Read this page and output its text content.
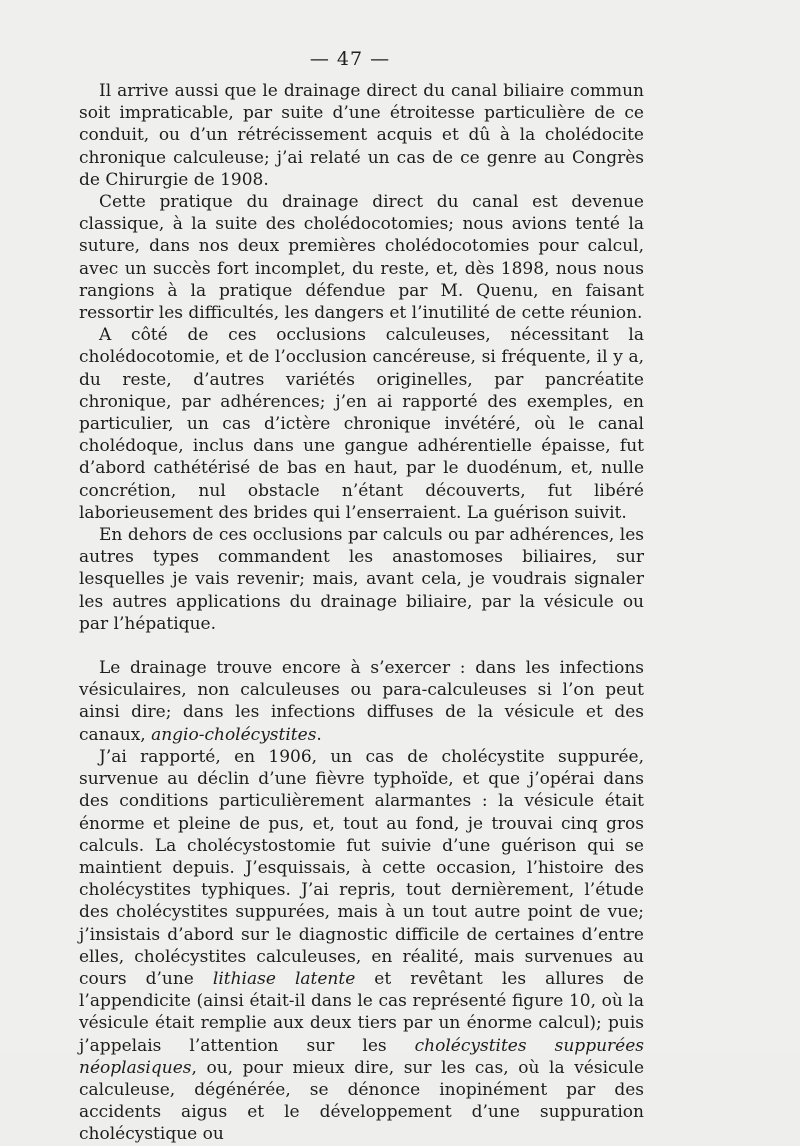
— 47 —

Il arrive aussi que le drainage direct du canal biliaire commun soit impraticable, par suite d’une étroitesse particulière de ce conduit, ou d’un rétrécissement acquis et dû à la cholédocite chronique calculeuse; j’ai relaté un cas de ce genre au Congrès de Chirurgie de 1908.

Cette pratique du drainage direct du canal est devenue classique, à la suite des cholédocotomies; nous avions tenté la suture, dans nos deux premières cholédocotomies pour calcul, avec un succès fort incomplet, du reste, et, dès 1898, nous nous rangions à la pratique défendue par M. Quenu, en faisant ressortir les difficultés, les dangers et l’inutilité de cette réunion.

A côté de ces occlusions calculeuses, nécessitant la cholédocotomie, et de l’occlusion cancéreuse, si fréquente, il y a, du reste, d’autres variétés originelles, par pancréatite chronique, par adhérences; j’en ai rapporté des exemples, en particulier, un cas d’ictère chronique invétéré, où le canal cholédoque, inclus dans une gangue adhérentielle épaisse, fut d’abord cathétérisé de bas en haut, par le duodénum, et, nulle concrétion, nul obstacle n’étant découverts, fut libéré laborieusement des brides qui l’enserraient. La guérison suivit.

En dehors de ces occlusions par calculs ou par adhérences, les autres types commandent les anastomoses biliaires, sur lesquelles je vais revenir; mais, avant cela, je voudrais signaler les autres applications du drainage biliaire, par la vésicule ou par l’hépatique.

Le drainage trouve encore à s’exercer : dans les infections vésiculaires, non calculeuses ou para-calculeuses si l’on peut ainsi dire; dans les infections diffuses de la vésicule et des canaux, angio-cholécystites.

J’ai rapporté, en 1906, un cas de cholécystite suppurée, survenue au déclin d’une fièvre typhoïde, et que j’opérai dans des conditions particulièrement alarmantes : la vésicule était énorme et pleine de pus, et, tout au fond, je trouvai cinq gros calculs. La cholécystostomie fut suivie d’une guérison qui se maintient depuis. J’esquissais, à cette occasion, l’histoire des cholécystites typhiques. J’ai repris, tout dernièrement, l’étude des cholécystites suppurées, mais à un tout autre point de vue; j’insistais d’abord sur le diagnostic difficile de certaines d’entre elles, cholécystites calculeuses, en réalité, mais survenues au cours d’une lithiase latente et revêtant les allures de l’appendicite (ainsi était-il dans le cas représenté figure 10, où la vésicule était remplie aux deux tiers par un énorme calcul); puis j’appelais l’attention sur les cholécystites suppurées néoplasiques, ou, pour mieux dire, sur les cas, où la vésicule calculeuse, dégénérée, se dénonce inopinément par des accidents aigus et le développement d’une suppuration cholécystique ou
